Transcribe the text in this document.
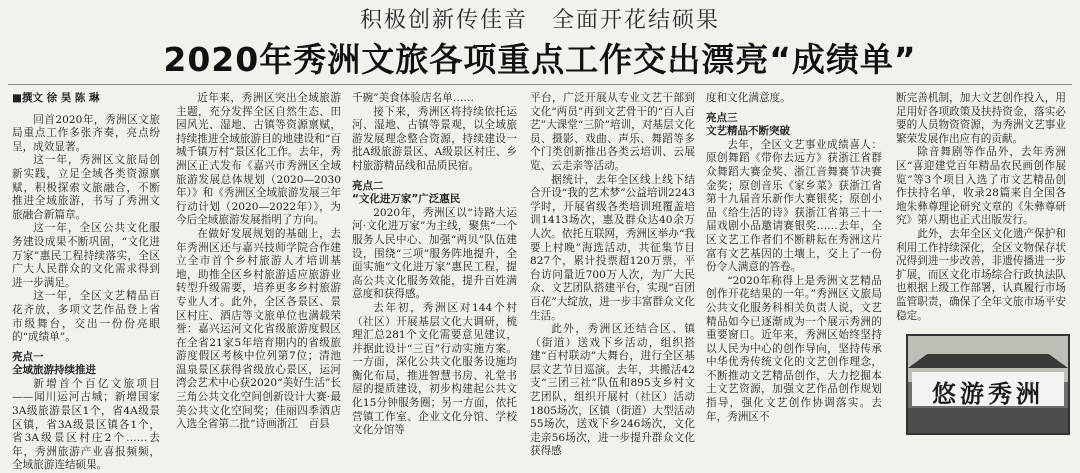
积极创新传佳音　全面开花结硕果
2020年秀洲文旅各项重点工作交出漂亮“成绩单”
■撰文 徐 昊 陈 琳

回首2020年，秀洲区文旅局重点工作多张齐奏，亮点纷呈，成效显著。

这一年，秀洲区文旅局创新实践，立足全域各类资源禀赋，积极探索文旅融合，不断推进全域旅游，书写了秀洲文旅融合新篇章。

这一年，全区公共文化服务建设成果不断巩固，“文化进万家”惠民工程持续落实，全区广大人民群众的文化需求得到进一步满足。

这一年，全区文艺精品百花齐放，多项文艺作品登上省市级舞台，交出一份份亮眼的“成绩单”。

亮点一
全域旅游持续推进

新增首个百亿文旅项目——闻川运河古城；新增国家3A级旅游景区1个，省4A级景区镇，省3A级景区镇各1个，省3A级景区村庄2个……去年，秀洲旅游产业喜报频频，全域旅游连结硕果。

近年来，秀洲区突出全域旅游主题，充分发挥全区自然生态、田园风光、湿地、古镇等资源禀赋，持续推进全域旅游目的地建设和“百城千镇万村”景区化工作。去年，秀洲区正式发布《嘉兴市秀洲区全域旅游发展总体规划（2020—2030年）》和《秀洲区全域旅游发展三年行动计划（2020—2022年）》，为今后全域旅游发展指明了方向。

在做好发展规划的基础上，去年秀洲区还与嘉兴技师学院合作建立全市首个乡村旅游人才培训基地，助推全区乡村旅游适应旅游业转型升级需要，培养更多乡村旅游专业人才。此外，全区各景区、景区村庄、酒店等文旅单位也满载荣誉：嘉兴运河文化省级旅游度假区在全省21家5年培育期内的省级旅游度假区考核中位列第7位；清池温泉景区获得省级放心景区，运河湾会艺术中心获2020“美好生活”长三角公共文化空间创新设计大赛·最美公共文化空间奖；佳丽四季酒店入选全省第二批“诗画浙江　百县

千碗”美食体验店名单……

接下来，秀洲区将持续依托运河、湿地、古镇等景观，以全域旅游发展理念整合资源，持续建设一批A级旅游景区、A级景区村庄、乡村旅游精品线和品质民宿。

亮点二
“文化进万家”广泛惠民

2020年，秀洲区以“诗路大运河·文化进万家”为主线，聚焦“一个服务人民中心、加强“两贝”队伍建设，围绕“三项”服务阵地提升，全面实施“文化进万家”惠民工程，提高公共文化服务效能，提升百姓满意度和获得感。

去年初，秀洲区对144个村（社区）开展基层文化大调研，梳理汇总281个文化需要意见建议，并据此设计“三百”行动实施方案。一方面，深化公共文化服务设施均衡化布局，推进智慧书房、礼堂书屋的提质建设，初步构建起公共文化15分钟服务圈；另一方面，依托营镇工作室、企业文化分馆、学校文化分馆等

平台，广泛开展从专业文艺干部到文化“两员”再到文艺骨干的“百人百艺”大课堂“三阶”培训，对基层文化员、摄影、戏曲、声乐、舞蹈等多个门类创新推出各类云培训、云展览、云走亲等活动。

据统计，去年全区线上线下结合开设“我的艺术梦”公益培训2243学时，开展省级各类培训班覆盖培训1413场次，惠及群众达40余万人次。依托互联网，秀洲区举办“我要上村晚”海选活动，共征集节目827个，累计投票超120万票，平台访问量近700万人次，为广大民众、文艺团队搭建平台，实现“百团百花”大绽放，进一步丰富群众文化生活。

此外，秀洲区还结合区、镇（街道）送戏下乡活动，组织搭建“百村联动”大舞台，进行全区基层文艺节目巡演。去年，共搬活42支“三团三社”队伍和895支乡村文艺团队，组织开展村（社区）活动1805场次，区镇（街道）大型活动55场次，送戏下乡246场次，文化走亲56场次，进一步提升群众文化获得感

度和文化满意度。

亮点三
文艺精品不断突破

去年，全区文艺事业成绩喜人：原创舞蹈《带你去远方》获浙江省群众舞蹈大赛金奖、浙江音舞赛节决赛金奖；原创音乐《家乡菜》获浙江省第十九届音乐新作大赛银奖；原创小品《给生活的诗》获浙江省第三十一届戏剧小品邀请赛银奖……去年，全区文艺工作者们不断耕耘在秀洲这片富有文艺基因的土壤上，交上了一份份令人满意的答卷。

“2020年称得上是秀洲文艺精品创作开花结果的一年。”秀洲区文旅局公共文化服务科相关负责人说，文艺精品如今已逐渐成为一个展示秀洲的重要窗口。近年来，秀洲区始终坚持以人民为中心的创作导向，坚持传承中华优秀传统文化的文艺创作理念，不断推动文艺精品创作，大力挖掘本土文艺资源，加强文艺作品创作规划指导，强化文艺创作协调落实。去年，秀洲区不

断完善机制，加大文艺创作投入，用足用好各项政策及扶持资金，落实必要的人员物资资源，为秀洲文艺事业繁荣发展作出应有的贡献。

除音舞剧等作品外，去年秀洲区“喜迎建党百年精品农民画创作展览”等3个项目入选了市文艺精品创作扶持名单，收录28篇来自全国各地朱彝尊理论研究文章的《朱彝尊研究》第八期也正式出版发行。

此外，去年全区文化遗产保护和利用工作持续深化，全区文物保存状况得到进一步改善，非遗传播进一步扩展，而区文化市场综合行政执法队也根据上级工作部署，认真履行市场监管职责，确保了全年文旅市场平安稳定。

悠游秀洲
